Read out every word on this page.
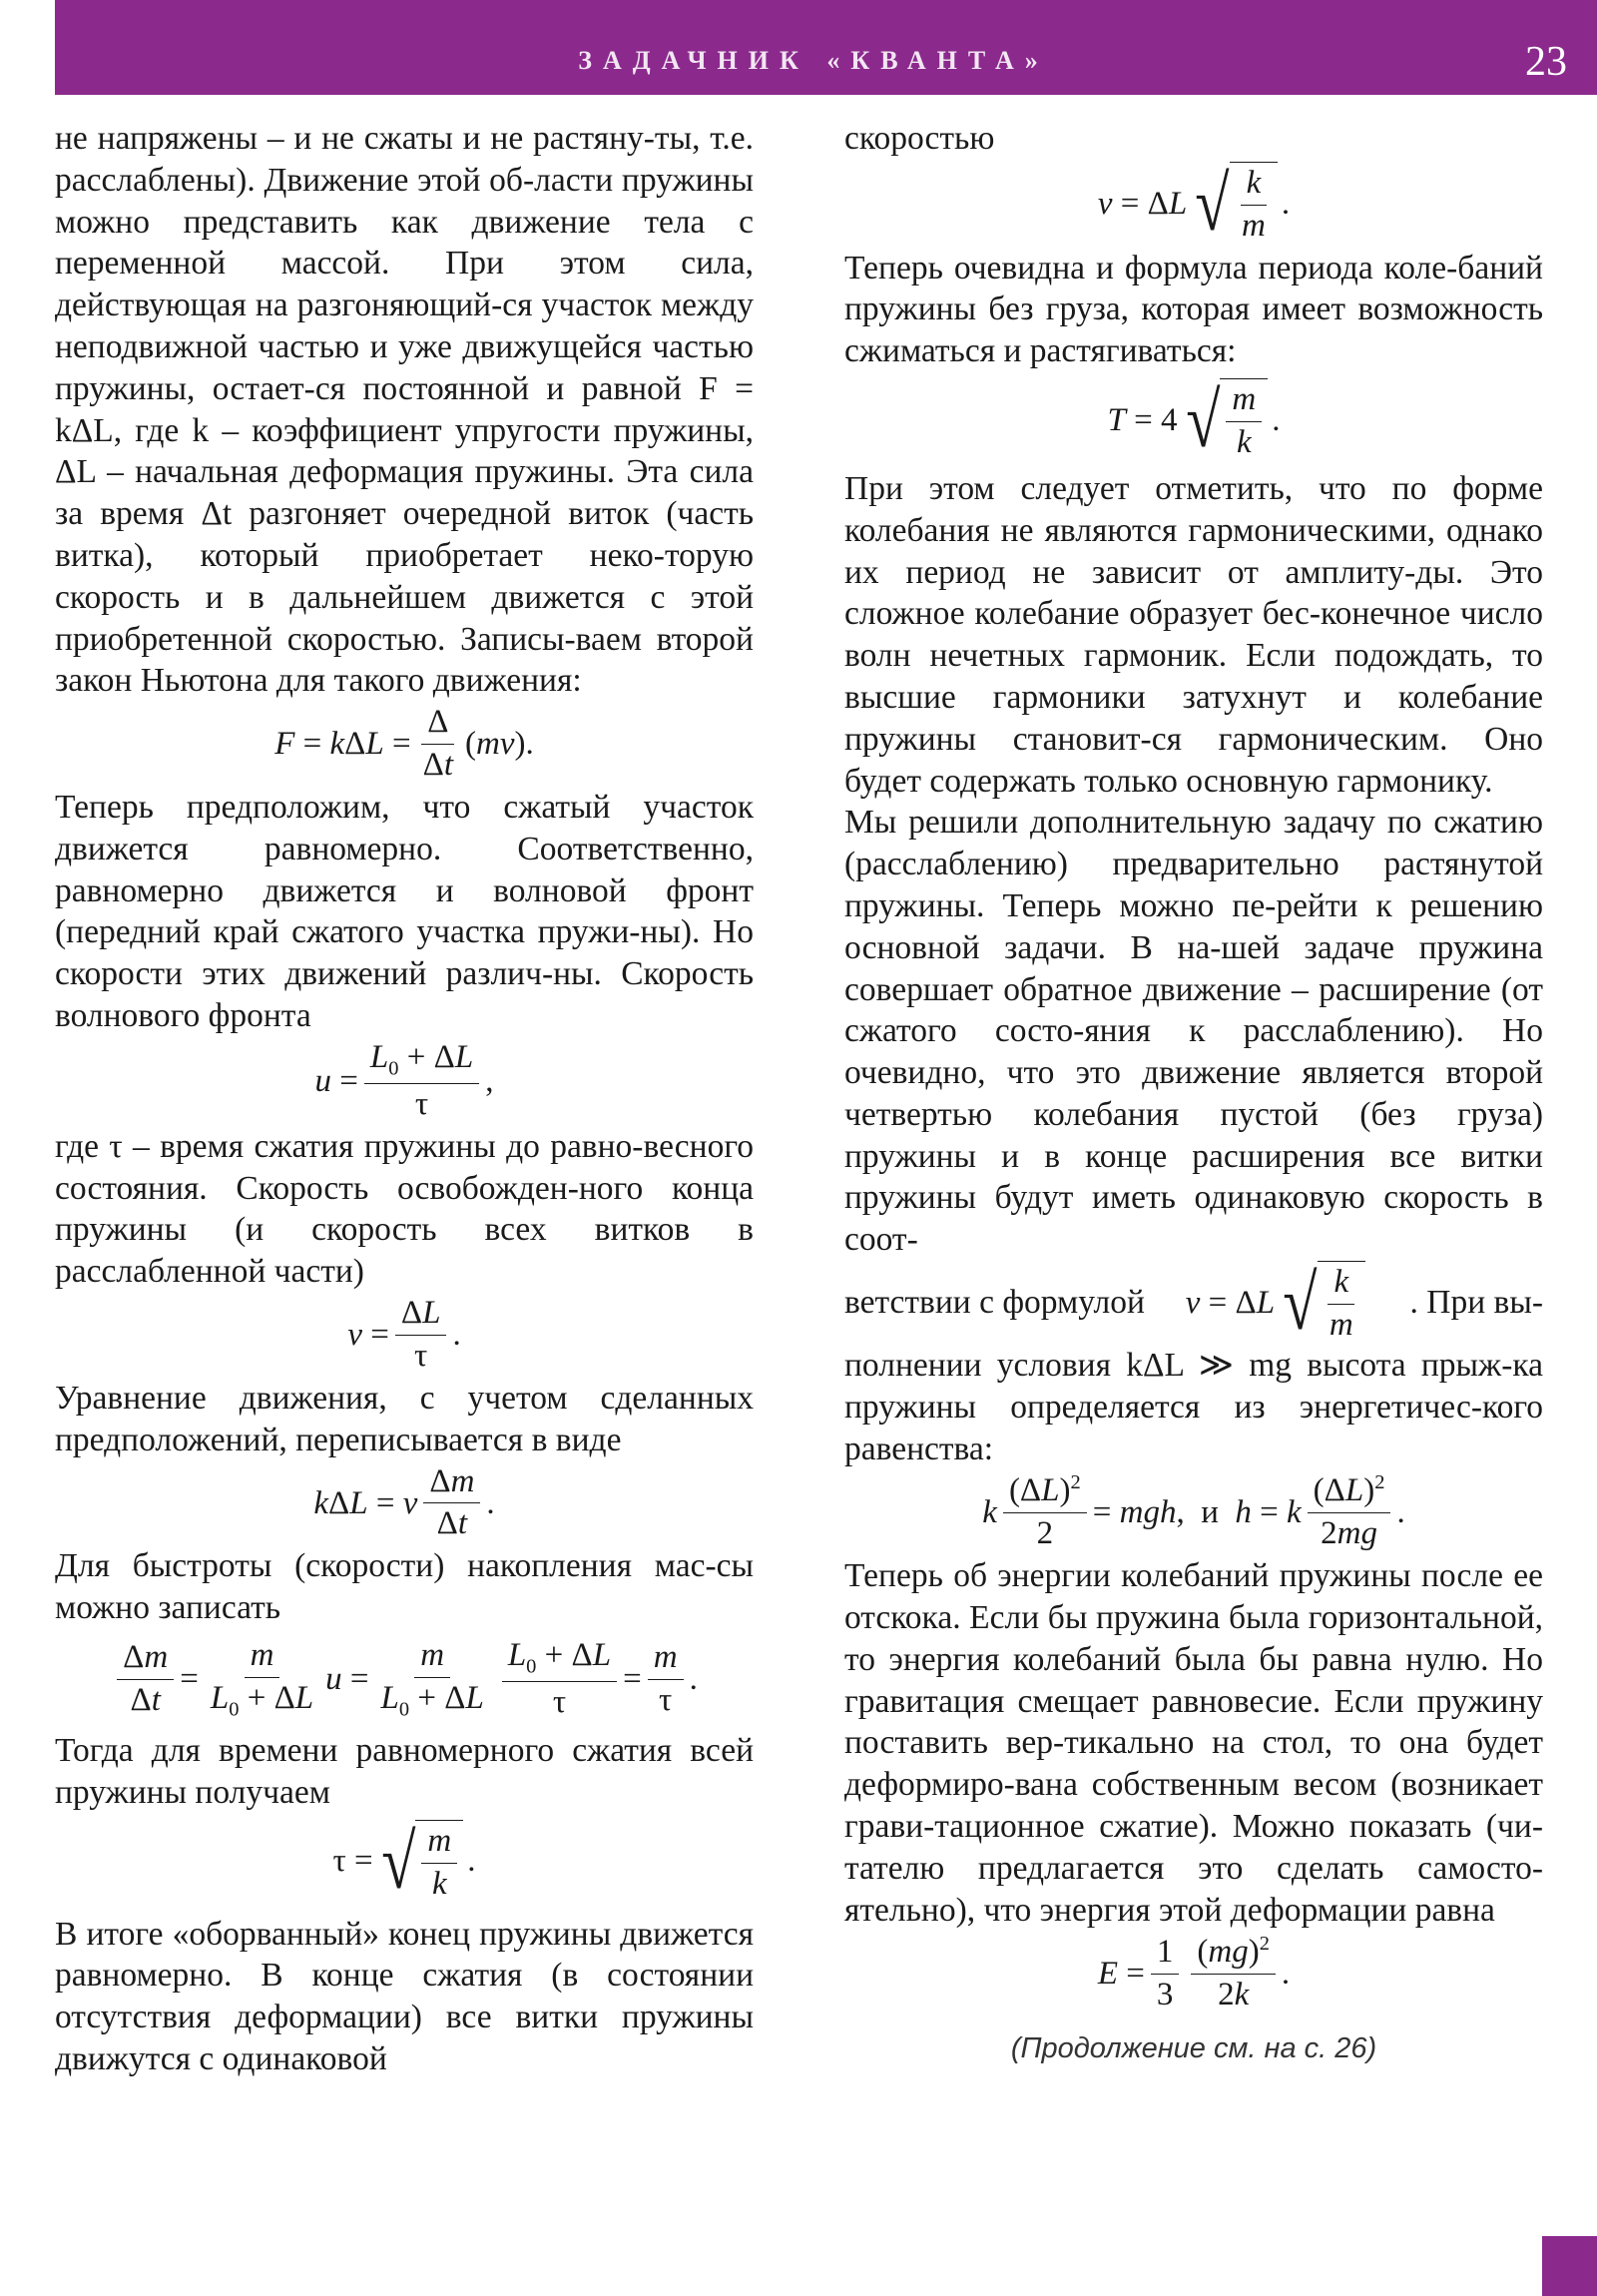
ЗАДАЧНИК «КВАНТА»	23
не напряжены – и не сжаты и не растяну-ты, т.е. расслаблены). Движение этой об-ласти пружины можно представить как движение тела с переменной массой. При этом сила, действующая на разгоняющий-ся участок между неподвижной частью и уже движущейся частью пружины, остает-ся постоянной и равной F = kΔL, где k – коэффициент упругости пружины, ΔL – начальная деформация пружины. Эта сила за время Δt разгоняет очередной виток (часть витка), который приобретает неко-торую скорость и в дальнейшем движется с этой приобретенной скоростью. Записы-ваем второй закон Ньютона для такого движения:
F = k Δ $L = \frac{\Delta}{\Delta t}$ ( mv ).
Теперь предположим, что сжатый участок движется равномерно. Соответственно, равномерно движется и волновой фронт (передний край сжатого участка пружи-ны). Но скорости этих движений различ-ны. Скорость волнового фронта
$u = \frac{L_0 + \Delta L}{\tau}$ ,
где τ – время сжатия пружины до равно-весного состояния. Скорость освобожден-ного конца пружины (и скорость всех витков в расслабленной части)
$v = \frac{\Delta L}{\tau}$ .
Уравнение движения, с учетом сделанных предположений, переписывается в виде
k Δ L = v $\frac{\Delta m}{\Delta t}$ .
Для быстроты (скорости) накопления мас-сы можно записать
$\frac{\Delta m}{\Delta t} = \frac{m}{L_0 + \Delta L}$ $u = \frac{m}{L_0 + \Delta L} \frac{L_0 + \Delta L}{\tau} = \frac{m}{\tau}$ .
Тогда для времени равномерного сжатия всей пружины получаем
τ = √ $\frac{m}{k}$ .
В итоге «оборванный» конец пружины движется равномерно. В конце сжатия (в состоянии отсутствия деформации) все витки пружины движутся с одинаковой
скоростью
v = Δ L √ $\frac{k}{m}$ .
Теперь очевидна и формула периода коле-баний пружины без груза, которая имеет возможность сжиматься и растягиваться:
T = 4 √ $\frac{m}{k}$ .
При этом следует отметить, что по форме колебания не являются гармоническими, однако их период не зависит от амплиту-ды. Это сложное колебание образует бес-конечное число волн нечетных гармоник. Если подождать, то высшие гармоники затухнут и колебание пружины становит-ся гармоническим. Оно будет содержать только основную гармонику.
Мы решили дополнительную задачу по сжатию (расслаблению) предварительно растянутой пружины. Теперь можно пе-рейти к решению основной задачи. В на-шей задаче пружина совершает обратное движение – расширение (от сжатого состо-яния к расслаблению). Но очевидно, что это движение является второй четвертью колебания пустой (без груза) пружины и в конце расширения все витки пружины будут иметь одинаковую скорость в соот-
ветствии с формулой v = Δ L √ $\frac{k}{m}$ . При вы-
полнении условия kΔL ≫ mg высота прыж-ка пружины определяется из энергетичес-кого равенства:
k $\frac{(\Delta L)^2}{2}$ = mgh ,  и h = k $\frac{(\Delta L)^2}{2mg}$ .
Теперь об энергии колебаний пружины после ее отскока. Если бы пружина была горизонтальной, то энергия колебаний была бы равна нулю. Но гравитация смещает равновесие. Если пружину поставить вер-тикально на стол, то она будет деформиро-вана собственным весом (возникает грави-тационное сжатие). Можно показать (чи-тателю предлагается это сделать самосто-ятельно), что энергия этой деформации равна
$E = \frac{1}{3} \frac{(mg)^2}{2k}$ .
(Продолжение см. на с. 26)
